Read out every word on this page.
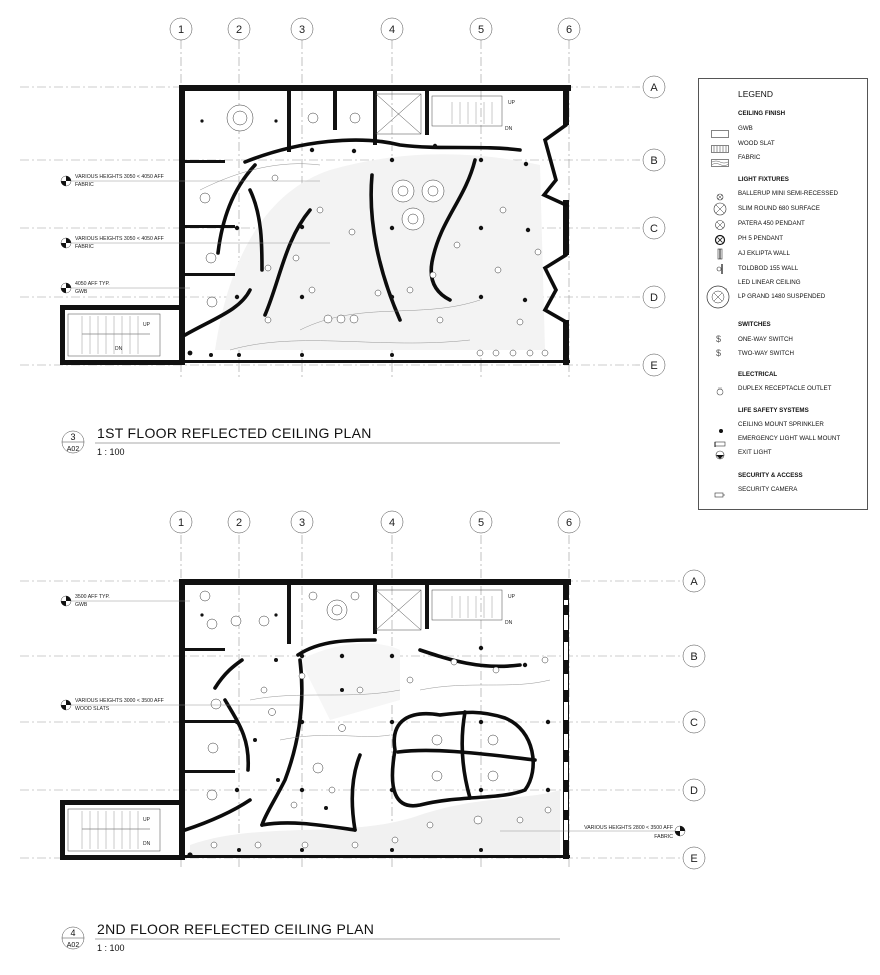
1	2	3	4	5	6
A
B
C
D
E
UP
DN
UP
DN
VARIOUS HEIGHTS 3050 < 4050 AFF
FABRIC
VARIOUS HEIGHTS 3050 < 4050 AFF
FABRIC
4050 AFF TYP.
GWB
3
A02
1ST FLOOR REFLECTED CEILING PLAN
1 : 100
1	2	3	4	5	6
A
B
C
D
E
UP
DN
UP
DN
3500 AFF TYP.
GWB
VARIOUS HEIGHTS 3000 < 3500 AFF
WOOD SLATS
VARIOUS HEIGHTS 2800 < 3500 AFF
FABRIC
4
A02
2ND FLOOR REFLECTED CEILING PLAN
1 : 100
LEGEND
CEILING FINISH
GWB
WOOD SLAT
FABRIC
LIGHT FIXTURES
BALLERUP MINI SEMI-RECESSED
SLIM ROUND 680 SURFACE
PATERA 450 PENDANT
PH 5 PENDANT
AJ EKLIPTA WALL
TOLDBOD 155 WALL
LED LINEAR CEILING
LP GRAND 1480 SUSPENDED
SWITCHES
$	ONE-WAY SWITCH
$	TWO-WAY SWITCH
ELECTRICAL
DUPLEX RECEPTACLE OUTLET
LIFE SAFETY SYSTEMS
CEILING MOUNT SPRINKLER
EMERGENCY LIGHT WALL MOUNT
EXIT LIGHT
SECURITY & ACCESS
SECURITY CAMERA
